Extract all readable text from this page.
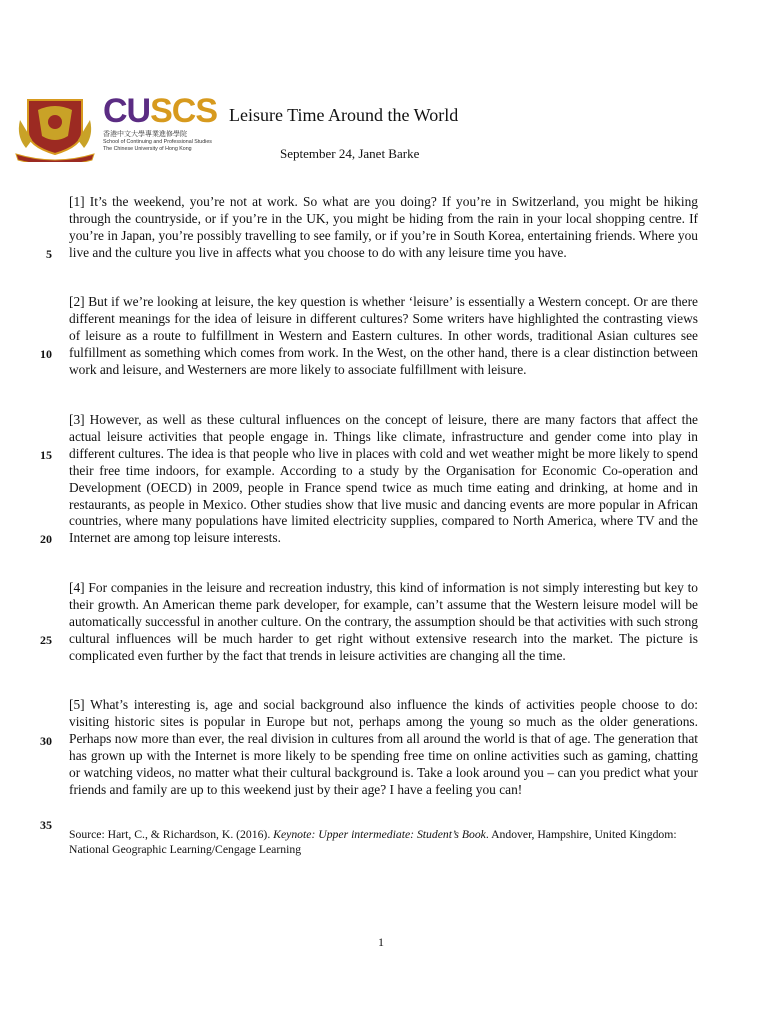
CUSCS
香港中文大學專業進修學院
School of Continuing and Professional Studies
The Chinese University of Hong Kong
Leisure Time Around the World
September 24, Janet Barke
5
10
15
20
25
30
35

[1] It’s the weekend, you’re not at work. So what are you doing? If you’re in Switzerland, you might be hiking through the countryside, or if you’re in the UK, you might be hiding from the rain in your local shopping centre. If you’re in Japan, you’re possibly travelling to see family, or if you’re in South Korea, entertaining friends. Where you live and the culture you live in affects what you choose to do with any leisure time you have.

[2] But if we’re looking at leisure, the key question is whether ‘leisure’ is essentially a Western concept. Or are there different meanings for the idea of leisure in different cultures? Some writers have highlighted the contrasting views of leisure as a route to fulfillment in Western and Eastern cultures. In other words, traditional Asian cultures see fulfillment as something which comes from work. In the West, on the other hand, there is a clear distinction between work and leisure, and Westerners are more likely to associate fulfillment with leisure.

[3] However, as well as these cultural influences on the concept of leisure, there are many factors that affect the actual leisure activities that people engage in. Things like climate, infrastructure and gender come into play in different cultures. The idea is that people who live in places with cold and wet weather might be more likely to spend their free time indoors, for example. According to a study by the Organisation for Economic Co-operation and Development (OECD) in 2009, people in France spend twice as much time eating and drinking, at home and in restaurants, as people in Mexico. Other studies show that live music and dancing events are more popular in African countries, where many populations have limited electricity supplies, compared to North America, where TV and the Internet are among top leisure interests.

[4] For companies in the leisure and recreation industry, this kind of information is not simply interesting but key to their growth. An American theme park developer, for example, can’t assume that the Western leisure model will be automatically successful in another culture. On the contrary, the assumption should be that activities with such strong cultural influences will be much harder to get right without extensive research into the market. The picture is complicated even further by the fact that trends in leisure activities are changing all the time.

[5] What’s interesting is, age and social background also influence the kinds of activities people choose to do: visiting historic sites is popular in Europe but not, perhaps among the young so much as the older generations. Perhaps now more than ever, the real division in cultures from all around the world is that of age. The generation that has grown up with the Internet is more likely to be spending free time on online activities such as gaming, chatting or watching videos, no matter what their cultural background is. Take a look around you – can you predict what your friends and family are up to this weekend just by their age? I have a feeling you can!

Source: Hart, C., & Richardson, K. (2016). Keynote: Upper intermediate: Student’s Book. Andover, Hampshire, United Kingdom: National Geographic Learning/Cengage Learning

1
